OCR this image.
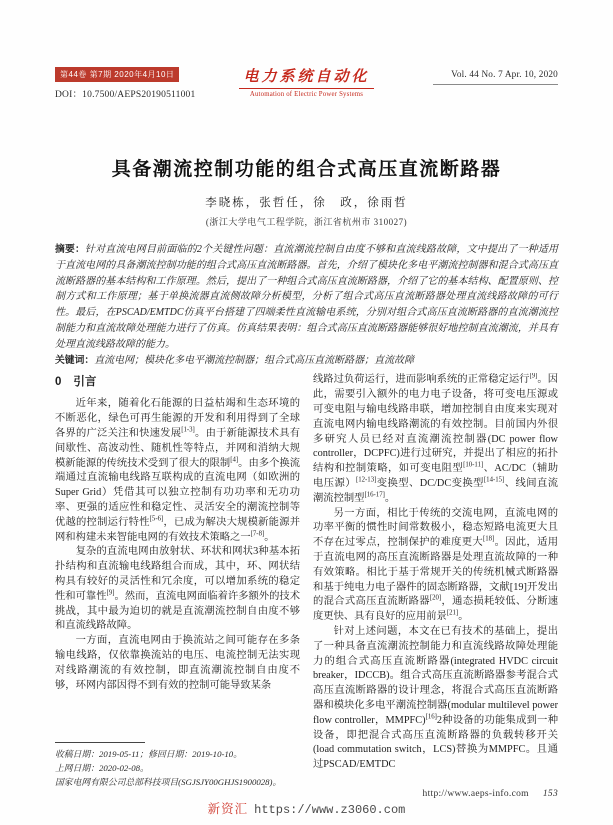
第44卷 第7期 2020年4月10日
DOI：10.7500/AEPS20190511001
电力系统自动化
Automation of Electric Power Systems
Vol. 44 No. 7 Apr. 10, 2020
具备潮流控制功能的组合式高压直流断路器
李晓栋，张哲任，徐　政，徐雨哲
(浙江大学电气工程学院，浙江省杭州市 310027)
摘要：针对直流电网目前面临的2个关键性问题：直流潮流控制自由度不够和直流线路故障，文中提出了一种适用于直流电网的具备潮流控制功能的组合式高压直流断路器。首先，介绍了模块化多电平潮流控制器和混合式高压直流断路器的基本结构和工作原理。然后，提出了一种组合式高压直流断路器，介绍了它的基本结构、配置原则、控制方式和工作原理；基于单换流器直流侧故障分析模型，分析了组合式高压直流断路器处理直流线路故障的可行性。最后，在PSCAD/EMTDC仿真平台搭建了四端柔性直流输电系统，分别对组合式高压直流断路器的直流潮流控制能力和直流故障处理能力进行了仿真。仿真结果表明：组合式高压直流断路器能够很好地控制直流潮流，并具有处理直流线路故障的能力。
关键词：直流电网；模块化多电平潮流控制器；组合式高压直流断路器；直流故障
0 引言

近年来，随着化石能源的日益枯竭和生态环境的不断恶化，绿色可再生能源的开发和利用得到了全球各界的广泛关注和快速发展[1-3]。由于新能源技术具有间歇性、高波动性、随机性等特点，并网和消纳大规模新能源的传统技术受到了很大的限制[4]。由多个换流端通过直流输电线路互联构成的直流电网（如欧洲的Super Grid）凭借其可以独立控制有功功率和无功功率、更强的适应性和稳定性、灵活安全的潮流控制等优越的控制运行特性[5-6]，已成为解决大规模新能源并网和构建未来智能电网的有效技术策略之一[7-8]。

复杂的直流电网由放射状、环状和网状3种基本拓扑结构和直流输电线路组合而成，其中，环、网状结构具有较好的灵活性和冗余度，可以增加系统的稳定性和可靠性[9]。然而，直流电网面临着许多额外的技术挑战，其中最为迫切的就是直流潮流控制自由度不够和直流线路故障。

一方面，直流电网由于换流站之间可能存在多条输电线路，仅依靠换流站的电压、电流控制无法实现对线路潮流的有效控制，即直流潮流控制自由度不够，环网内部因得不到有效的控制可能导致某条

收稿日期：2019-05-11；修回日期：2019-10-10。
上网日期：2020-02-08。
国家电网有限公司总部科技项目(SGJSJY00GHJS1900028)。

线路过负荷运行，进而影响系统的正常稳定运行[9]。因此，需要引入额外的电力电子设备，将可变电压源或可变电阻与输电线路串联，增加控制自由度来实现对直流电网内输电线路潮流的有效控制。目前国内外很多研究人员已经对直流潮流控制器(DC power flow controller，DCPFC)进行过研究，并提出了相应的拓扑结构和控制策略，如可变电阻型[10-11]、AC/DC（辅助电压源）[12-13]变换型、DC/DC变换型[14-15]、线间直流潮流控制型[16-17]。

另一方面，相比于传统的交流电网，直流电网的功率平衡的惯性时间常数极小，稳态短路电流更大且不存在过零点，控制保护的难度更大[18]。因此，适用于直流电网的高压直流断路器是处理直流故障的一种有效策略。相比于基于常规开关的传统机械式断路器和基于纯电力电子器件的固态断路器，文献[19]开发出的混合式高压直流断路器[20]，通态损耗较低、分断速度更快、具有良好的应用前景[21]。

针对上述问题，本文在已有技术的基础上，提出了一种具备直流潮流控制能力和直流线路故障处理能力的组合式高压直流断路器(integrated HVDC circuit breaker，IDCCB)。组合式高压直流断路器参考混合式高压直流断路器的设计理念，将混合式高压直流断路器和模块化多电平潮流控制器(modular multilevel power flow controller，MMPFC)[16]2种设备的功能集成到一种设备，即把混合式高压直流断路器的负载转移开关(load commutation switch，LCS)替换为MMPFC。且通过PSCAD/EMTDC

http://www.aeps-info.com 153
新资汇 https://www.z3060.com
